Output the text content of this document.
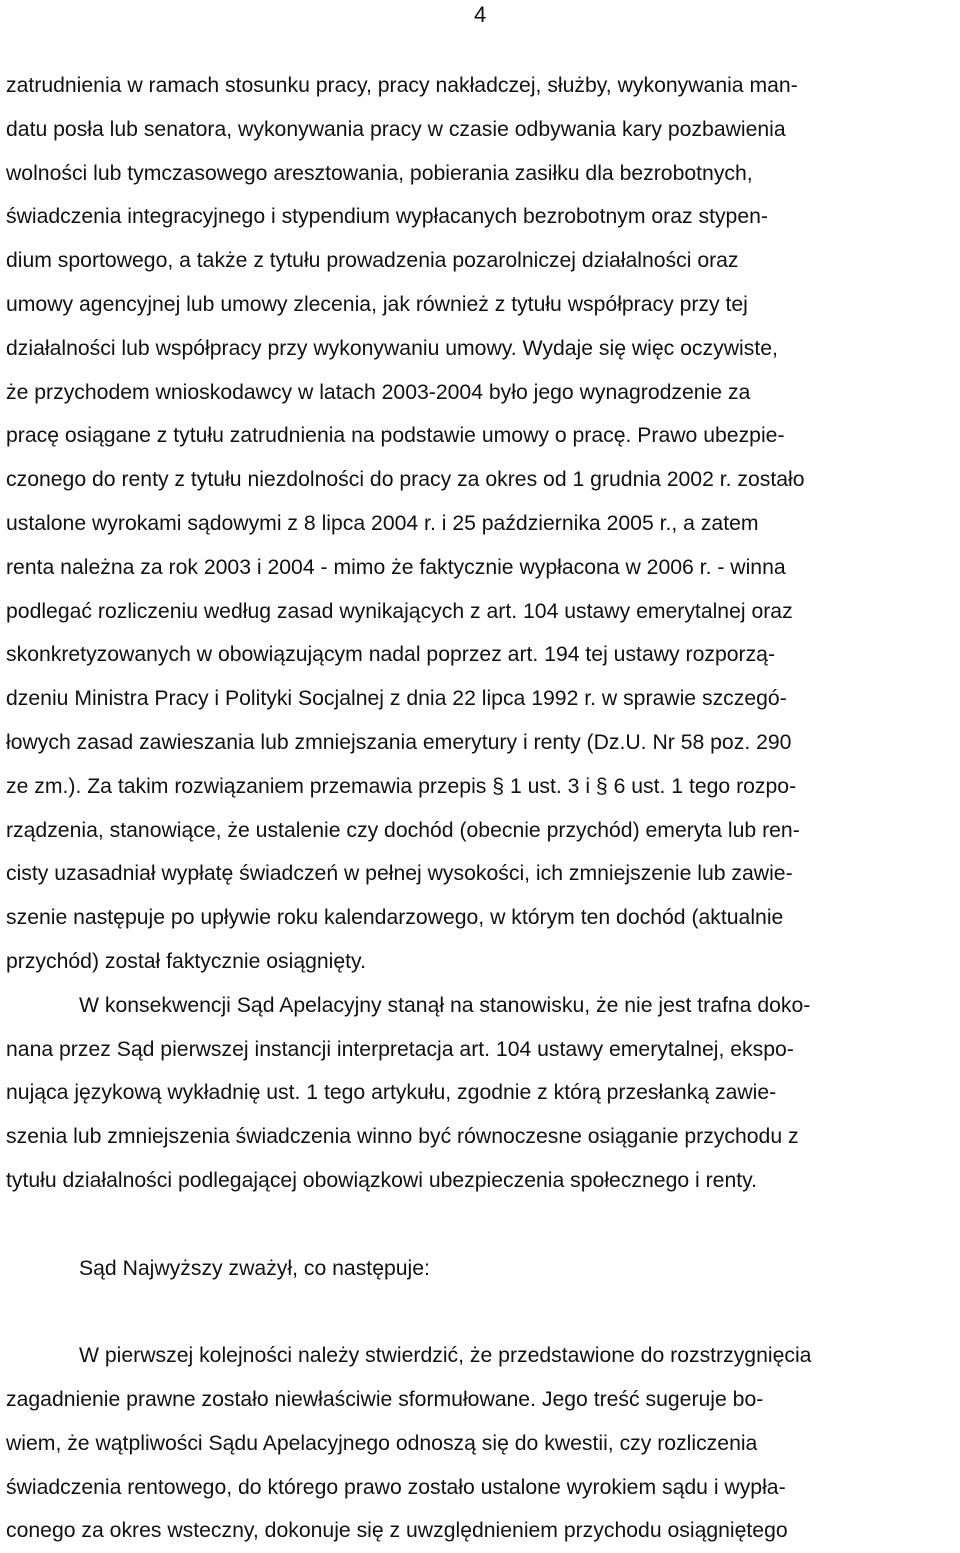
4
zatrudnienia w ramach stosunku pracy, pracy nakładczej, służby, wykonywania man-
datu posła lub senatora, wykonywania pracy w czasie odbywania kary pozbawienia
wolności lub tymczasowego aresztowania, pobierania zasiłku dla bezrobotnych,
świadczenia integracyjnego i stypendium wypłacanych bezrobotnym oraz stypen-
dium sportowego, a także z tytułu prowadzenia pozarolniczej działalności oraz
umowy agencyjnej lub umowy zlecenia, jak również z tytułu współpracy przy tej
działalności lub współpracy przy wykonywaniu umowy. Wydaje się więc oczywiste,
że przychodem wnioskodawcy w latach 2003-2004 było jego wynagrodzenie za
pracę osiągane z tytułu zatrudnienia na podstawie umowy o pracę. Prawo ubezpie-
czonego do renty z tytułu niezdolności do pracy za okres od 1 grudnia 2002 r. zostało
ustalone wyrokami sądowymi z 8 lipca 2004 r. i 25 października 2005 r., a zatem
renta należna za rok 2003 i 2004 - mimo że faktycznie wypłacona w 2006 r. - winna
podlegać rozliczeniu według zasad wynikających z art. 104 ustawy emerytalnej oraz
skonkretyzowanych w obowiązującym nadal poprzez art. 194 tej ustawy rozporzą-
dzeniu Ministra Pracy i Polityki Socjalnej z dnia 22 lipca 1992 r. w sprawie szczegó-
łowych zasad zawieszania lub zmniejszania emerytury i renty (Dz.U. Nr 58 poz. 290
ze zm.). Za takim rozwiązaniem przemawia przepis § 1 ust. 3 i § 6 ust. 1 tego rozpo-
rządzenia, stanowiące, że ustalenie czy dochód (obecnie przychód) emeryta lub ren-
cisty uzasadniał wypłatę świadczeń w pełnej wysokości, ich zmniejszenie lub zawie-
szenie następuje po upływie roku kalendarzowego, w którym ten dochód (aktualnie
przychód) został faktycznie osiągnięty.
W konsekwencji Sąd Apelacyjny stanął na stanowisku, że nie jest trafna doko-
nana przez Sąd pierwszej instancji interpretacja art. 104 ustawy emerytalnej, ekspo-
nująca językową wykładnię ust. 1 tego artykułu, zgodnie z którą przesłanką zawie-
szenia lub zmniejszenia świadczenia winno być równoczesne osiąganie przychodu z
tytułu działalności podlegającej obowiązkowi ubezpieczenia społecznego i renty.
Sąd Najwyższy zważył, co następuje:
W pierwszej kolejności należy stwierdzić, że przedstawione do rozstrzygnięcia
zagadnienie prawne zostało niewłaściwie sformułowane. Jego treść sugeruje bo-
wiem, że wątpliwości Sądu Apelacyjnego odnoszą się do kwestii, czy rozliczenia
świadczenia rentowego, do którego prawo zostało ustalone wyrokiem sądu i wypła-
conego za okres wsteczny, dokonuje się z uwzględnieniem przychodu osiągniętego
